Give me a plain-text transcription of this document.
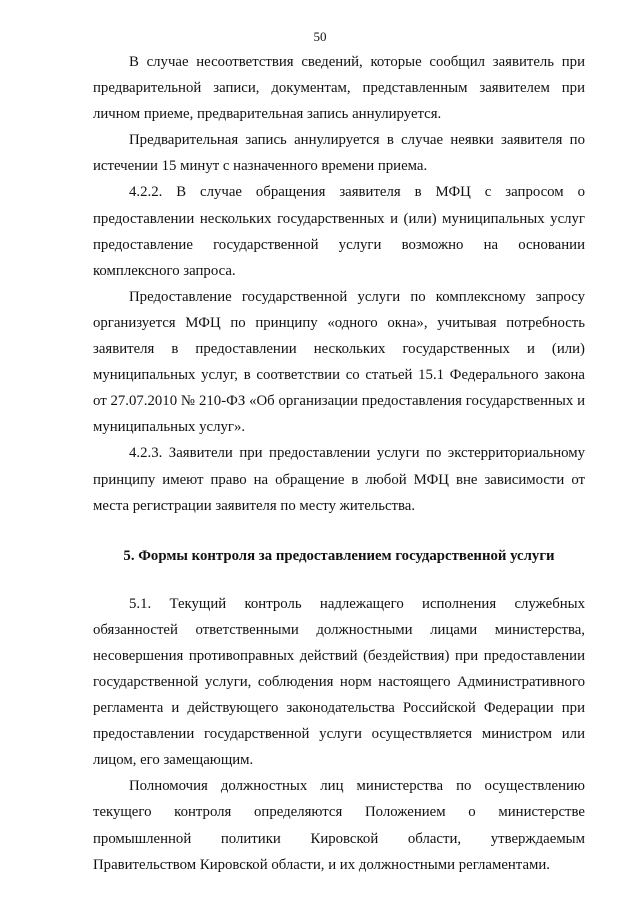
50

В случае несоответствия сведений, которые сообщил заявитель при предварительной записи, документам, представленным заявителем при личном приеме, предварительная запись аннулируется.

Предварительная запись аннулируется в случае неявки заявителя по истечении 15 минут с назначенного времени приема.

4.2.2. В случае обращения заявителя в МФЦ с запросом о предоставлении нескольких государственных и (или) муниципальных услуг предоставление государственной услуги возможно на основании комплексного запроса.

Предоставление государственной услуги по комплексному запросу организуется МФЦ по принципу «одного окна», учитывая потребность заявителя в предоставлении нескольких государственных и (или) муниципальных услуг, в соответствии со статьей 15.1 Федерального закона от 27.07.2010 № 210-ФЗ «Об организации предоставления государственных и муниципальных услуг».

4.2.3. Заявители при предоставлении услуги по экстерриториальному принципу имеют право на обращение в любой МФЦ вне зависимости от места регистрации заявителя по месту жительства.

5. Формы контроля за предоставлением государственной услуги

5.1. Текущий контроль надлежащего исполнения служебных обязанностей ответственными должностными лицами министерства, несовершения противоправных действий (бездействия) при предоставлении государственной услуги, соблюдения норм настоящего Административного регламента и действующего законодательства Российской Федерации при предоставлении государственной услуги осуществляется министром или лицом, его замещающим.

Полномочия должностных лиц министерства по осуществлению текущего контроля определяются Положением о министерстве промышленной политики Кировской области, утверждаемым Правительством Кировской области, и их должностными регламентами.
